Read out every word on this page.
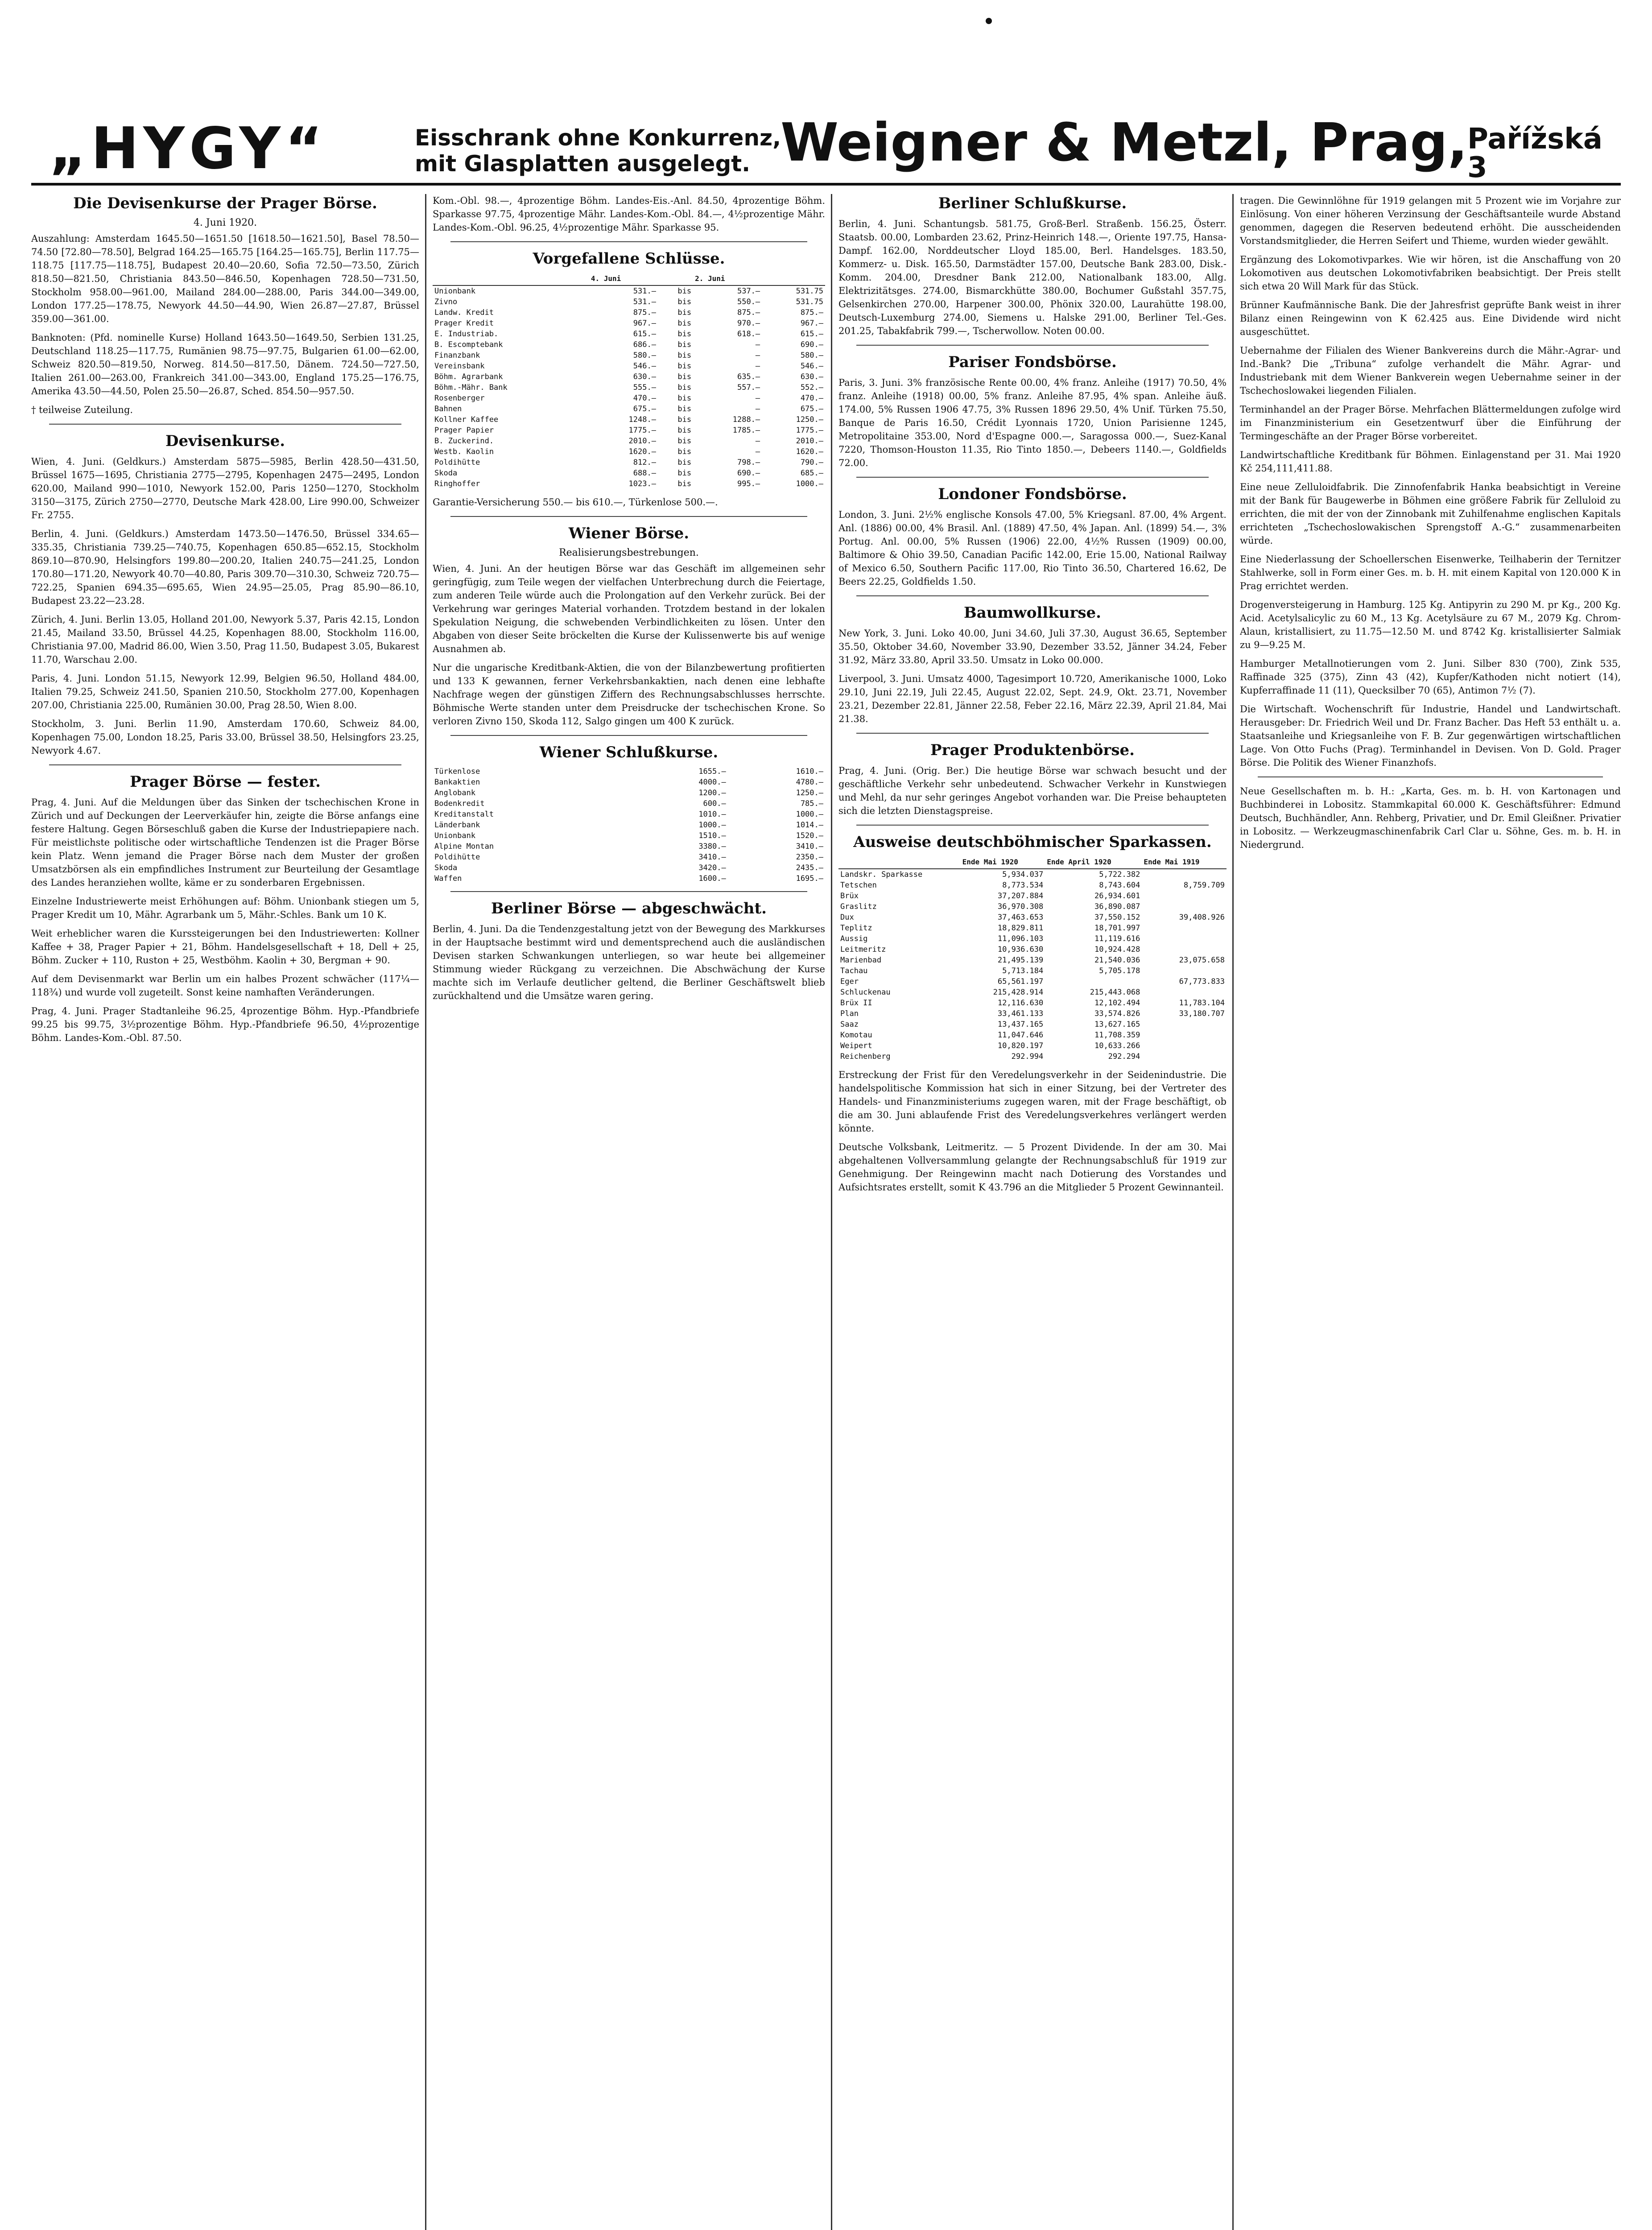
„HYGY“	Eisschrank ohne Konkurrenz,
mit Glasplatten ausgelegt. Weigner & Metzl, Prag, Pařížská 3
Die Devisenkurse der Prager Börse.
4. Juni 1920.

Auszahlung: Amsterdam 1645.50—1651.50 [1618.50—1621.50], Basel 78.50—74.50 [72.80—78.50], Belgrad 164.25—165.75 [164.25—165.75], Berlin 117.75—118.75 [117.75—118.75], Budapest 20.40—20.60, Sofia 72.50—73.50, Zürich 818.50—821.50, Christiania 843.50—846.50, Kopenhagen 728.50—731.50, Stockholm 958.00—961.00, Mailand 284.00—288.00, Paris 344.00—349.00, London 177.25—178.75, Newyork 44.50—44.90, Wien 26.87—27.87, Brüssel 359.00—361.00.

Banknoten: (Pfd. nominelle Kurse) Holland 1643.50—1649.50, Serbien 131.25, Deutschland 118.25—117.75, Rumänien 98.75—97.75, Bulgarien 61.00—62.00, Schweiz 820.50—819.50, Norweg. 814.50—817.50, Dänem. 724.50—727.50, Italien 261.00—263.00, Frankreich 341.00—343.00, England 175.25—176.75, Amerika 43.50—44.50, Polen 25.50—26.87, Sched. 854.50—957.50.

† teilweise Zuteilung.

Devisenkurse.

Wien, 4. Juni. (Geldkurs.) Amsterdam 5875—5985, Berlin 428.50—431.50, Brüssel 1675—1695, Christiania 2775—2795, Kopenhagen 2475—2495, London 620.00, Mailand 990—1010, Newyork 152.00, Paris 1250—1270, Stockholm 3150—3175, Zürich 2750—2770, Deutsche Mark 428.00, Lire 990.00, Schweizer Fr. 2755.

Berlin, 4. Juni. (Geldkurs.) Amsterdam 1473.50—1476.50, Brüssel 334.65—335.35, Christiania 739.25—740.75, Kopenhagen 650.85—652.15, Stockholm 869.10—870.90, Helsingfors 199.80—200.20, Italien 240.75—241.25, London 170.80—171.20, Newyork 40.70—40.80, Paris 309.70—310.30, Schweiz 720.75—722.25, Spanien 694.35—695.65, Wien 24.95—25.05, Prag 85.90—86.10, Budapest 23.22—23.28.

Zürich, 4. Juni. Berlin 13.05, Holland 201.00, Newyork 5.37, Paris 42.15, London 21.45, Mailand 33.50, Brüssel 44.25, Kopenhagen 88.00, Stockholm 116.00, Christiania 97.00, Madrid 86.00, Wien 3.50, Prag 11.50, Budapest 3.05, Bukarest 11.70, Warschau 2.00.

Paris, 4. Juni. London 51.15, Newyork 12.99, Belgien 96.50, Holland 484.00, Italien 79.25, Schweiz 241.50, Spanien 210.50, Stockholm 277.00, Kopenhagen 207.00, Christiania 225.00, Rumänien 30.00, Prag 28.50, Wien 8.00.

Stockholm, 3. Juni. Berlin 11.90, Amsterdam 170.60, Schweiz 84.00, Kopenhagen 75.00, London 18.25, Paris 33.00, Brüssel 38.50, Helsingfors 23.25, Newyork 4.67.

Prager Börse — fester.

Prag, 4. Juni. Auf die Meldungen über das Sinken der tschechischen Krone in Zürich und auf Deckungen der Leerverkäufer hin, zeigte die Börse anfangs eine festere Haltung. Gegen Börseschluß gaben die Kurse der Industriepapiere nach. Für meistlichste politische oder wirtschaftliche Tendenzen ist die Prager Börse kein Platz. Wenn jemand die Prager Börse nach dem Muster der großen Umsatzbörsen als ein empfindliches Instrument zur Beurteilung der Gesamtlage des Landes heranziehen wollte, käme er zu sonderbaren Ergebnissen.

Einzelne Industriewerte meist Erhöhungen auf: Böhm. Unionbank stiegen um 5, Prager Kredit um 10, Mähr. Agrarbank um 5, Mähr.-Schles. Bank um 10 K.

Weit erheblicher waren die Kurssteigerungen bei den Industriewerten: Kollner Kaffee + 38, Prager Papier + 21, Böhm. Handelsgesellschaft + 18, Dell + 25, Böhm. Zucker + 110, Ruston + 25, Westböhm. Kaolin + 30, Bergman + 90.

Auf dem Devisenmarkt war Berlin um ein halbes Prozent schwächer (117¼—118¾) und wurde voll zugeteilt. Sonst keine namhaften Veränderungen.

Prag, 4. Juni. Prager Stadtanleihe 96.25, 4prozentige Böhm. Hyp.-Pfandbriefe 99.25 bis 99.75, 3½prozentige Böhm. Hyp.-Pfandbriefe 96.50, 4½prozentige Böhm. Landes-Kom.-Obl. 87.50.

Kom.-Obl. 98.—, 4prozentige Böhm. Landes-Eis.-Anl. 84.50, 4prozentige Böhm. Sparkasse 97.75, 4prozentige Mähr. Landes-Kom.-Obl. 84.—, 4½prozentige Mähr. Landes-Kom.-Obl. 96.25, 4½prozentige Mähr. Sparkasse 95.

Vorgefallene Schlüsse.
	4. Juni		2. Juni	
Unionbank	531.—	bis	537.—	531.75
Zivno	531.—	bis	550.—	531.75
Landw. Kredit	875.—	bis	875.—	875.—
Prager Kredit	967.—	bis	970.—	967.—
E. Industriab.	615.—	bis	618.—	615.—
B. Escomptebank	686.—	bis	—	690.—
Finanzbank	580.—	bis	—	580.—
Vereinsbank	546.—	bis	—	546.—
Böhm. Agrarbank	630.—	bis	635.—	630.—
Böhm.-Mähr. Bank	555.—	bis	557.—	552.—
Rosenberger	470.—	bis	—	470.—
Bahnen	675.—	bis	—	675.—
Kollner Kaffee	1248.—	bis	1288.—	1250.—
Prager Papier	1775.—	bis	1785.—	1775.—
B. Zuckerind.	2010.—	bis	—	2010.—
Westb. Kaolin	1620.—	bis	—	1620.—
Poldihütte	812.—	bis	798.—	790.—
Skoda	688.—	bis	690.—	685.—
Ringhoffer	1023.—	bis	995.—	1000.—

Garantie-Versicherung 550.— bis 610.—, Türkenlose 500.—.

Wiener Börse.
Realisierungsbestrebungen.

Wien, 4. Juni. An der heutigen Börse war das Geschäft im allgemeinen sehr geringfügig, zum Teile wegen der vielfachen Unterbrechung durch die Feiertage, zum anderen Teile würde auch die Prolongation auf den Verkehr zurück. Bei der Verkehrung war geringes Material vorhanden. Trotzdem bestand in der lokalen Spekulation Neigung, die schwebenden Verbindlichkeiten zu lösen. Unter den Abgaben von dieser Seite bröckelten die Kurse der Kulissenwerte bis auf wenige Ausnahmen ab.

Nur die ungarische Kreditbank-Aktien, die von der Bilanzbewertung profitierten und 133 K gewannen, ferner Verkehrsbankaktien, nach denen eine lebhafte Nachfrage wegen der günstigen Ziffern des Rechnungsabschlusses herrschte. Böhmische Werte standen unter dem Preisdrucke der tschechischen Krone. So verloren Zivno 150, Skoda 112, Salgo gingen um 400 K zurück.

Wiener Schlußkurse.
Türkenlose	1655.—	1610.—
Bankaktien	4000.—	4780.—
Anglobank	1200.—	1250.—
Bodenkredit	600.—	785.—
Kreditanstalt	1010.—	1000.—
Länderbank	1000.—	1014.—
Unionbank	1510.—	1520.—
Alpine Montan	3380.—	3410.—
Poldihütte	3410.—	2350.—
Skoda	3420.—	2435.—
Waffen	1600.—	1695.—
Berliner Börse — abgeschwächt.

Berlin, 4. Juni. Da die Tendenzgestaltung jetzt von der Bewegung des Markkurses in der Hauptsache bestimmt wird und dementsprechend auch die ausländischen Devisen starken Schwankungen unterliegen, so war heute bei allgemeiner Stimmung wieder Rückgang zu verzeichnen. Die Abschwächung der Kurse machte sich im Verlaufe deutlicher geltend, die Berliner Geschäftswelt blieb zurückhaltend und die Umsätze waren gering.

Berliner Schlußkurse.

Berlin, 4. Juni. Schantungsb. 581.75, Groß-Berl. Straßenb. 156.25, Österr. Staatsb. 00.00, Lombarden 23.62, Prinz-Heinrich 148.—, Oriente 197.75, Hansa-Dampf. 162.00, Norddeutscher Lloyd 185.00, Berl. Handelsges. 183.50, Kommerz- u. Disk. 165.50, Darmstädter 157.00, Deutsche Bank 283.00, Disk.-Komm. 204.00, Dresdner Bank 212.00, Nationalbank 183.00, Allg. Elektrizitätsges. 274.00, Bismarckhütte 380.00, Bochumer Gußstahl 357.75, Gelsenkirchen 270.00, Harpener 300.00, Phönix 320.00, Laurahütte 198.00, Deutsch-Luxemburg 274.00, Siemens u. Halske 291.00, Berliner Tel.-Ges. 201.25, Tabakfabrik 799.—, Tscherwollow. Noten 00.00.

Pariser Fondsbörse.

Paris, 3. Juni. 3% französische Rente 00.00, 4% franz. Anleihe (1917) 70.50, 4% franz. Anleihe (1918) 00.00, 5% franz. Anleihe 87.95, 4% span. Anleihe äuß. 174.00, 5% Russen 1906 47.75, 3% Russen 1896 29.50, 4% Unif. Türken 75.50, Banque de Paris 16.50, Crédit Lyonnais 1720, Union Parisienne 1245, Metropolitaine 353.00, Nord d'Espagne 000.—, Saragossa 000.—, Suez-Kanal 7220, Thomson-Houston 11.35, Rio Tinto 1850.—, Debeers 1140.—, Goldfields 72.00.

Londoner Fondsbörse.

London, 3. Juni. 2½% englische Konsols 47.00, 5% Kriegsanl. 87.00, 4% Argent. Anl. (1886) 00.00, 4% Brasil. Anl. (1889) 47.50, 4% Japan. Anl. (1899) 54.—, 3% Portug. Anl. 00.00, 5% Russen (1906) 22.00, 4½% Russen (1909) 00.00, Baltimore & Ohio 39.50, Canadian Pacific 142.00, Erie 15.00, National Railway of Mexico 6.50, Southern Pacific 117.00, Rio Tinto 36.50, Chartered 16.62, De Beers 22.25, Goldfields 1.50.

Baumwollkurse.

New York, 3. Juni. Loko 40.00, Juni 34.60, Juli 37.30, August 36.65, September 35.50, Oktober 34.60, November 33.90, Dezember 33.52, Jänner 34.24, Feber 31.92, März 33.80, April 33.50. Umsatz in Loko 00.000.

Liverpool, 3. Juni. Umsatz 4000, Tagesimport 10.720, Amerikanische 1000, Loko 29.10, Juni 22.19, Juli 22.45, August 22.02, Sept. 24.9, Okt. 23.71, November 23.21, Dezember 22.81, Jänner 22.58, Feber 22.16, März 22.39, April 21.84, Mai 21.38.

Prager Produktenbörse.

Prag, 4. Juni. (Orig. Ber.) Die heutige Börse war schwach besucht und der geschäftliche Verkehr sehr unbedeutend. Schwacher Verkehr in Kunstwiegen und Mehl, da nur sehr geringes Angebot vorhanden war. Die Preise behaupteten sich die letzten Dienstagspreise.

Ausweise deutschböhmischer Sparkassen.
	Ende Mai 1920	Ende April 1920	Ende Mai 1919
Landskr. Sparkasse	5,934.037	5,722.382	
Tetschen	8,773.534	8,743.604	8,759.709
Brüx	37,207.884	26,934.601	
Graslitz	36,970.308	36,890.087	
Dux	37,463.653	37,550.152	39,408.926
Teplitz	18,829.811	18,701.997	
Aussig	11,096.103	11,119.616	
Leitmeritz	10,936.630	10,924.428	
Marienbad	21,495.139	21,540.036	23,075.658
Tachau	5,713.184	5,705.178	
Eger	65,561.197		67,773.833
Schluckenau	215,428.914	215,443.068	
Brüx II	12,116.630	12,102.494	11,783.104
Plan	33,461.133	33,574.826	33,180.707
Saaz	13,437.165	13,627.165	
Komotau	11,047.646	11,708.359	
Weipert	10,820.197	10,633.266	
Reichenberg	292.994	292.294	

Erstreckung der Frist für den Veredelungsverkehr in der Seidenindustrie. Die handelspolitische Kommission hat sich in einer Sitzung, bei der Vertreter des Handels- und Finanzministeriums zugegen waren, mit der Frage beschäftigt, ob die am 30. Juni ablaufende Frist des Veredelungsverkehres verlängert werden könnte.

Deutsche Volksbank, Leitmeritz. — 5 Prozent Dividende. In der am 30. Mai abgehaltenen Vollversammlung gelangte der Rechnungsabschluß für 1919 zur Genehmigung. Der Reingewinn macht nach Dotierung des Vorstandes und Aufsichtsrates erstellt, somit K 43.796 an die Mitglieder 5 Prozent Gewinnanteil.

tragen. Die Gewinnlöhne für 1919 gelangen mit 5 Prozent wie im Vorjahre zur Einlösung. Von einer höheren Verzinsung der Geschäftsanteile wurde Abstand genommen, dagegen die Reserven bedeutend erhöht. Die ausscheidenden Vorstandsmitglieder, die Herren Seifert und Thieme, wurden wieder gewählt.

Ergänzung des Lokomotivparkes. Wie wir hören, ist die Anschaffung von 20 Lokomotiven aus deutschen Lokomotivfabriken beabsichtigt. Der Preis stellt sich etwa 20 Will Mark für das Stück.

Brünner Kaufmännische Bank. Die der Jahresfrist geprüfte Bank weist in ihrer Bilanz einen Reingewinn von K 62.425 aus. Eine Dividende wird nicht ausgeschüttet.

Uebernahme der Filialen des Wiener Bankvereins durch die Mähr.-Agrar- und Ind.-Bank? Die „Tribuna“ zufolge verhandelt die Mähr. Agrar- und Industriebank mit dem Wiener Bankverein wegen Uebernahme seiner in der Tschechoslowakei liegenden Filialen.

Terminhandel an der Prager Börse. Mehrfachen Blättermeldungen zufolge wird im Finanzministerium ein Gesetzentwurf über die Einführung der Termingeschäfte an der Prager Börse vorbereitet.

Landwirtschaftliche Kreditbank für Böhmen. Einlagenstand per 31. Mai 1920 Kč 254,111,411.88.

Eine neue Zelluloidfabrik. Die Zinnofenfabrik Hanka beabsichtigt in Vereine mit der Bank für Baugewerbe in Böhmen eine größere Fabrik für Zelluloid zu errichten, die mit der von der Zinnobank mit Zuhilfenahme englischen Kapitals errichteten „Tschechoslowakischen Sprengstoff A.-G.“ zusammenarbeiten würde.

Eine Niederlassung der Schoellerschen Eisenwerke, Teilhaberin der Ternitzer Stahlwerke, soll in Form einer Ges. m. b. H. mit einem Kapital von 120.000 K in Prag errichtet werden.

Drogenversteigerung in Hamburg. 125 Kg. Antipyrin zu 290 M. pr Kg., 200 Kg. Acid. Acetylsalicylic zu 60 M., 13 Kg. Acetylsäure zu 67 M., 2079 Kg. Chrom-Alaun, kristallisiert, zu 11.75—12.50 M. und 8742 Kg. kristallisierter Salmiak zu 9—9.25 M.

Hamburger Metallnotierungen vom 2. Juni. Silber 830 (700), Zink 535, Raffinade 325 (375), Zinn 43 (42), Kupfer/Kathoden nicht notiert (14), Kupferraffinade 11 (11), Quecksilber 70 (65), Antimon 7½ (7).

Die Wirtschaft. Wochenschrift für Industrie, Handel und Landwirtschaft. Herausgeber: Dr. Friedrich Weil und Dr. Franz Bacher. Das Heft 53 enthält u. a. Staatsanleihe und Kriegsanleihe von F. B. Zur gegenwärtigen wirtschaftlichen Lage. Von Otto Fuchs (Prag). Terminhandel in Devisen. Von D. Gold. Prager Börse. Die Politik des Wiener Finanzhofs.

Neue Gesellschaften m. b. H.: „Karta, Ges. m. b. H. von Kartonagen und Buchbinderei in Lobositz. Stammkapital 60.000 K. Geschäftsführer: Edmund Deutsch, Buchhändler, Ann. Rehberg, Privatier, und Dr. Emil Gleißner. Privatier in Lobositz. — Werkzeugmaschinenfabrik Carl Clar u. Söhne, Ges. m. b. H. in Niedergrund.
